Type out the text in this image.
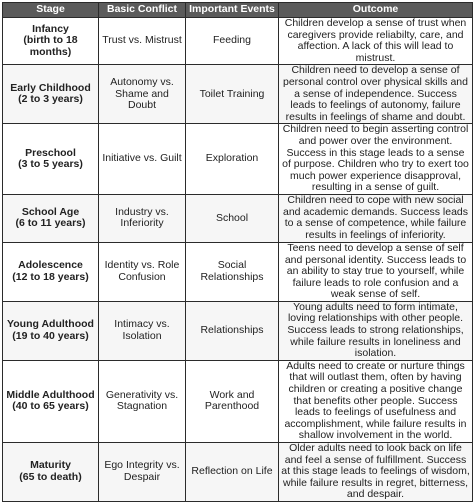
Stage	Basic Conflict	Important Events	Outcome

Infancy
(birth to 18 months)	Trust vs. Mistrust	Feeding	Children develop a sense of trust when caregivers provide reliabilty, care, and affection. A lack of this will lead to mistrust.

Early Childhood
(2 to 3 years)	Autonomy vs. Shame and Doubt	Toilet Training	Children need to develop a sense of personal control over physical skills and a sense of independence. Success leads to feelings of autonomy, failure results in feelings of shame and doubt.

Preschool
(3 to 5 years)	Initiative vs. Guilt	Exploration	Children need to begin asserting control and power over the environment. Success in this stage leads to a sense of purpose. Children who try to exert too much power experience disapproval, resulting in a sense of guilt.

School Age
(6 to 11 years)	Industry vs. Inferiority	School	Children need to cope with new social and academic demands. Success leads to a sense of competence, while failure results in feelings of inferiority.

Adolescence
(12 to 18 years)	Identity vs. Role Confusion	Social Relationships	Teens need to develop a sense of self and personal identity. Success leads to an ability to stay true to yourself, while failure leads to role confusion and a weak sense of self.

Young Adulthood
(19 to 40 years)	Intimacy vs. Isolation	Relationships	Young adults need to form intimate, loving relationships with other people. Success leads to strong relationships, while failure results in loneliness and isolation.

Middle Adulthood
(40 to 65 years)	Generativity vs. Stagnation	Work and Parenthood	Adults need to create or nurture things that will outlast them, often by having children or creating a positive change that benefits other people. Success leads to feelings of usefulness and accomplishment, while failure results in shallow involvement in the world.

Maturity
(65 to death)	Ego Integrity vs. Despair	Reflection on Life	Older adults need to look back on life and feel a sense of fulfillment. Success at this stage leads to feelings of wisdom, while failure results in regret, bitterness, and despair.
